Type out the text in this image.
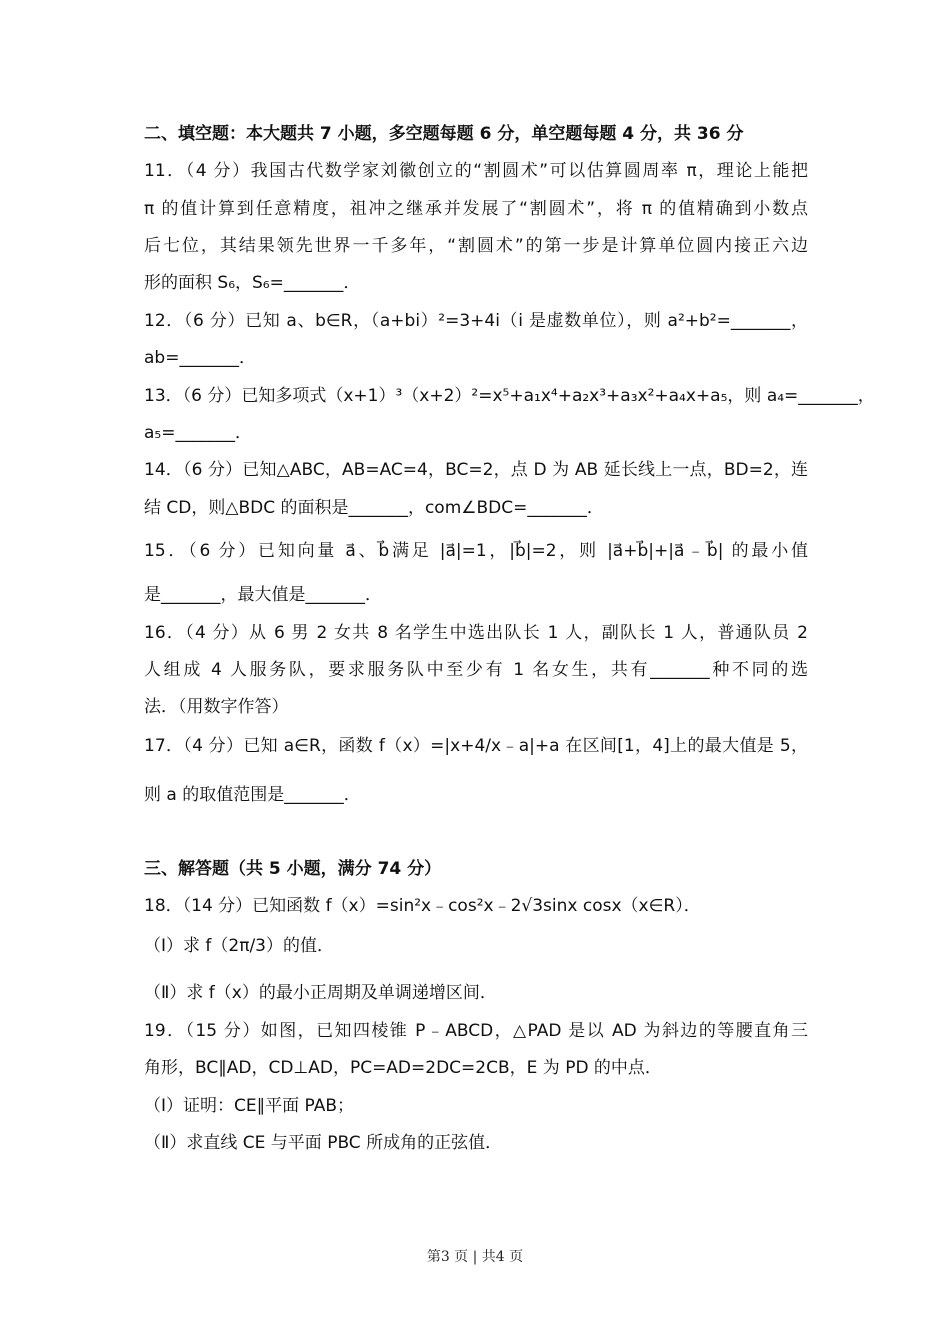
二、填空题：本大题共 7 小题，多空题每题 6 分，单空题每题 4 分，共 36 分
11．（4 分）我国古代数学家刘徽创立的“割圆术”可以估算圆周率 π，理论上能把
π 的值计算到任意精度，祖冲之继承并发展了“割圆术”，将 π 的值精确到小数点
后七位，其结果领先世界一千多年，“割圆术”的第一步是计算单位圆内接正六边
形的面积 S₆，S₆=_______．
12．（6 分）已知 a、b∈R，（a+bi）²=3+4i（i 是虚数单位），则 a²+b²=_______，
ab=_______．
13．（6 分）已知多项式（x+1）³（x+2）²=x⁵+a₁x⁴+a₂x³+a₃x²+a₄x+a₅，则 a₄=_______，
a₅=_______．
14．（6 分）已知△ABC，AB=AC=4，BC=2，点 D 为 AB 延长线上一点，BD=2，连
结 CD，则△BDC 的面积是_______，com∠BDC=_______．
15．（6 分）已知向量 a⃗、b⃗满足 |a⃗|=1，|b⃗|=2，则 |a⃗+b⃗|+|a⃗﹣b⃗| 的最小值
是_______，最大值是_______．
16．（4 分）从 6 男 2 女共 8 名学生中选出队长 1 人，副队长 1 人，普通队员 2
人组成 4 人服务队，要求服务队中至少有 1 名女生，共有_______种不同的选
法．（用数字作答）
17．（4 分）已知 a∈R，函数 f（x）=|x+4/x﹣a|+a 在区间[1，4]上的最大值是 5，
则 a 的取值范围是_______．
三、解答题（共 5 小题，满分 74 分）
18．（14 分）已知函数 f（x）=sin²x﹣cos²x﹣2√3sinx cosx（x∈R）．
（Ⅰ）求 f（2π/3）的值．
（Ⅱ）求 f（x）的最小正周期及单调递增区间．
19．（15 分）如图，已知四棱锥 P﹣ABCD，△PAD 是以 AD 为斜边的等腰直角三
角形，BC∥AD，CD⊥AD，PC=AD=2DC=2CB，E 为 PD 的中点．
（Ⅰ）证明：CE∥平面 PAB；
（Ⅱ）求直线 CE 与平面 PBC 所成角的正弦值．
第3 页 | 共4 页
